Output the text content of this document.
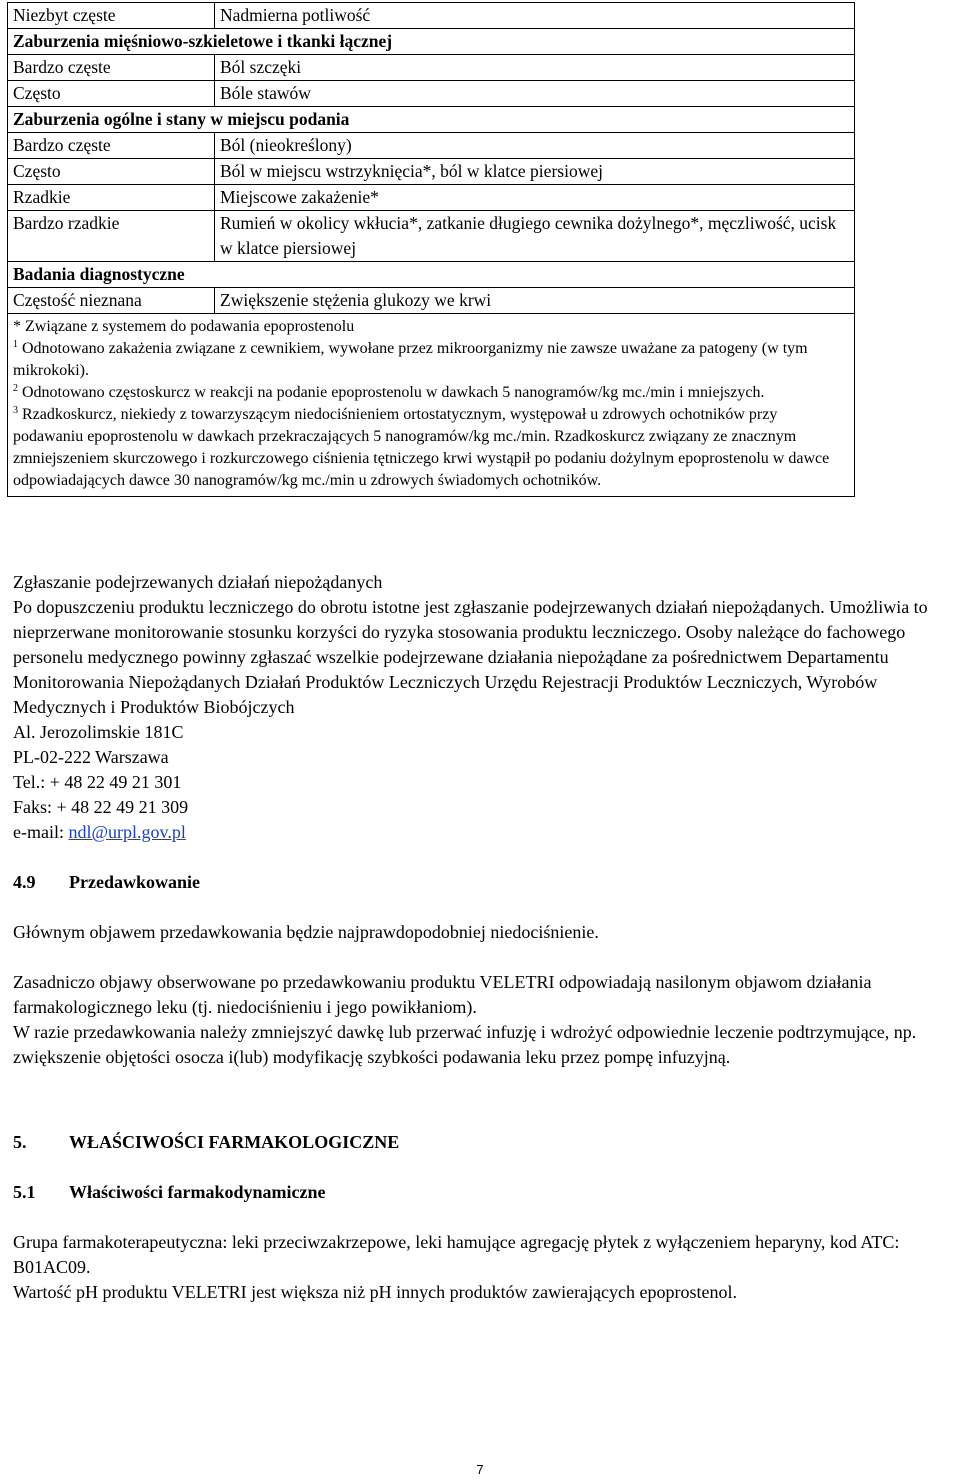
Niezbyt częste	Nadmierna potliwość
Zaburzenia mięśniowo-szkieletowe i tkanki łącznej	
Bardzo częste	Ból szczęki
Często	Bóle stawów
Zaburzenia ogólne i stany w miejscu podania	
Bardzo częste	Ból (nieokreślony)
Często	Ból w miejscu wstrzyknięcia*, ból w klatce piersiowej
Rzadkie	Miejscowe zakażenie*
Bardzo rzadkie	Rumień w okolicy wkłucia*, zatkanie długiego cewnika dożylnego*, męczliwość, ucisk w klatce piersiowej
Badania diagnostyczne	
Częstość nieznana	Zwiększenie stężenia glukozy we krwi

* Związane z systemem do podawania epoprostenolu

$^1$ Odnotowano zakażenia związane z cewnikiem, wywołane przez mikroorganizmy nie zawsze uważane za patogeny (w tym mikrokoki).

$^2$ Odnotowano częstoskurcz w reakcji na podanie epoprostenolu w dawkach 5 nanogramów/kg mc./min i mniejszych.

$^3$ Rzadkoskurcz, niekiedy z towarzyszącym niedociśnieniem ortostatycznym, występował u zdrowych ochotników przy podawaniu epoprostenolu w dawkach przekraczających 5 nanogramów/kg mc./min. Rzadkoskurcz związany ze znacznym zmniejszeniem skurczowego i rozkurczowego ciśnienia tętniczego krwi wystąpił po podaniu dożylnym epoprostenolu w dawce odpowiadających dawce 30 nanogramów/kg mc./min u zdrowych świadomych ochotników.	

Zgłaszanie podejrzewanych działań niepożądanych

Po dopuszczeniu produktu leczniczego do obrotu istotne jest zgłaszanie podejrzewanych działań niepożądanych. Umożliwia to nieprzerwane monitorowanie stosunku korzyści do ryzyka stosowania produktu leczniczego. Osoby należące do fachowego personelu medycznego powinny zgłaszać wszelkie podejrzewane działania niepożądane za pośrednictwem Departamentu Monitorowania Niepożądanych Działań Produktów Leczniczych Urzędu Rejestracji Produktów Leczniczych, Wyrobów Medycznych i Produktów Biobójczych

Al. Jerozolimskie 181C

PL-02-222 Warszawa

Tel.: + 48 22 49 21 301

Faks: + 48 22 49 21 309

e-mail: ndl@urpl.gov.pl

4.9	Przedawkowanie

Głównym objawem przedawkowania będzie najprawdopodobniej niedociśnienie.

Zasadniczo objawy obserwowane po przedawkowaniu produktu VELETRI odpowiadają nasilonym objawom działania farmakologicznego leku (tj. niedociśnieniu i jego powikłaniom).

W razie przedawkowania należy zmniejszyć dawkę lub przerwać infuzję i wdrożyć odpowiednie leczenie podtrzymujące, np. zwiększenie objętości osocza i(lub) modyfikację szybkości podawania leku przez pompę infuzyjną.

5.	WŁAŚCIWOŚCI FARMAKOLOGICZNE

5.1	Właściwości farmakodynamiczne

Grupa farmakoterapeutyczna: leki przeciwzakrzepowe, leki hamujące agregację płytek z wyłączeniem heparyny, kod ATC: B01AC09.

Wartość pH produktu VELETRI jest większa niż pH innych produktów zawierających epoprostenol.

7
